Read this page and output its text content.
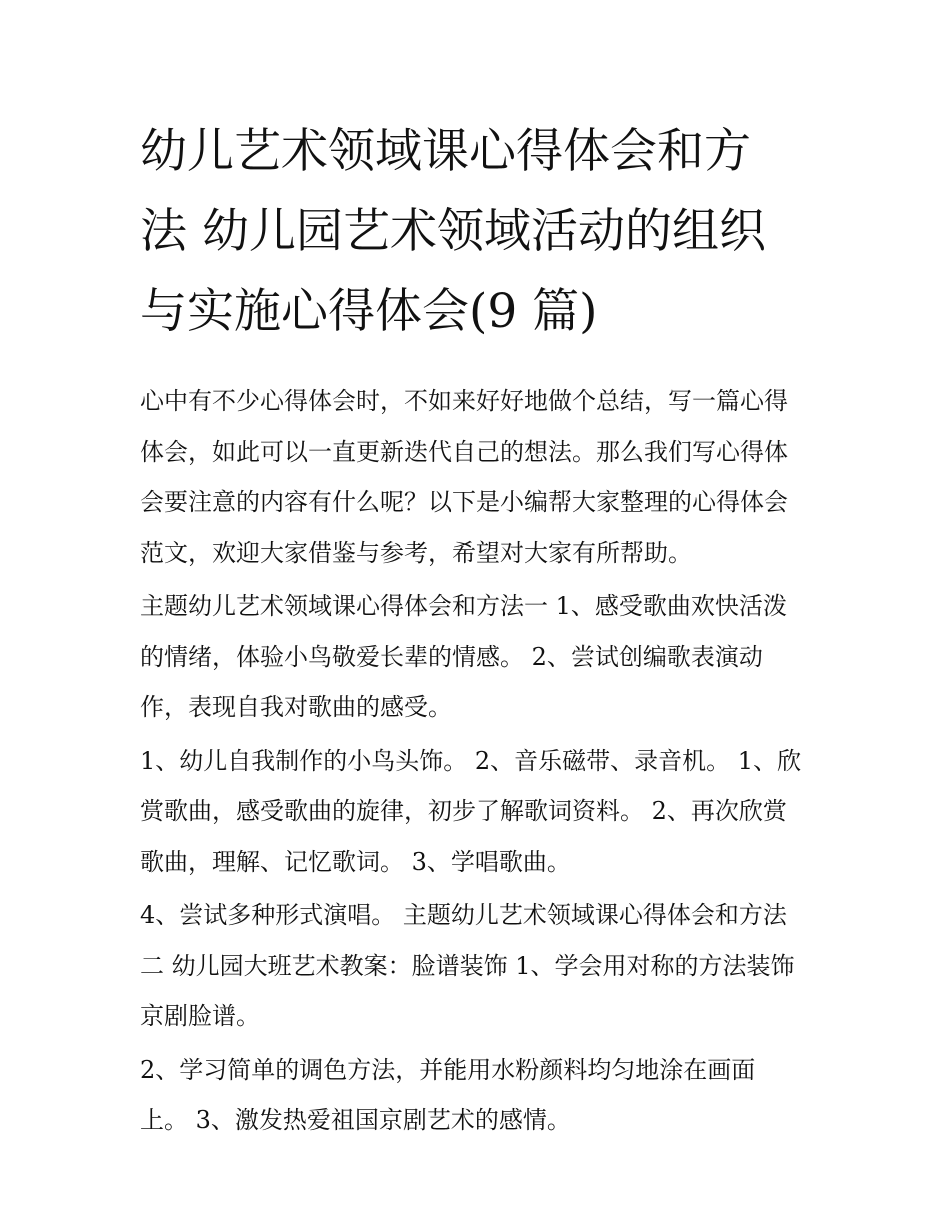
幼儿艺术领域课心得体会和方
法 幼儿园艺术领域活动的组织
与实施心得体会(9 篇)

心中有不少心得体会时，不如来好好地做个总结，写一篇心得
体会，如此可以一直更新迭代自己的想法。那么我们写心得体
会要注意的内容有什么呢？以下是小编帮大家整理的心得体会
范文，欢迎大家借鉴与参考，希望对大家有所帮助。

主题幼儿艺术领域课心得体会和方法一 1、感受歌曲欢快活泼
的情绪，体验小鸟敬爱长辈的情感。 2、尝试创编歌表演动
作，表现自我对歌曲的感受。

1、幼儿自我制作的小鸟头饰。 2、音乐磁带、录音机。 1、欣
赏歌曲，感受歌曲的旋律，初步了解歌词资料。 2、再次欣赏
歌曲，理解、记忆歌词。 3、学唱歌曲。

4、尝试多种形式演唱。 主题幼儿艺术领域课心得体会和方法
二 幼儿园大班艺术教案：脸谱装饰 1、学会用对称的方法装饰
京剧脸谱。

2、学习简单的调色方法，并能用水粉颜料均匀地涂在画面
上。 3、激发热爱祖国京剧艺术的感情。
